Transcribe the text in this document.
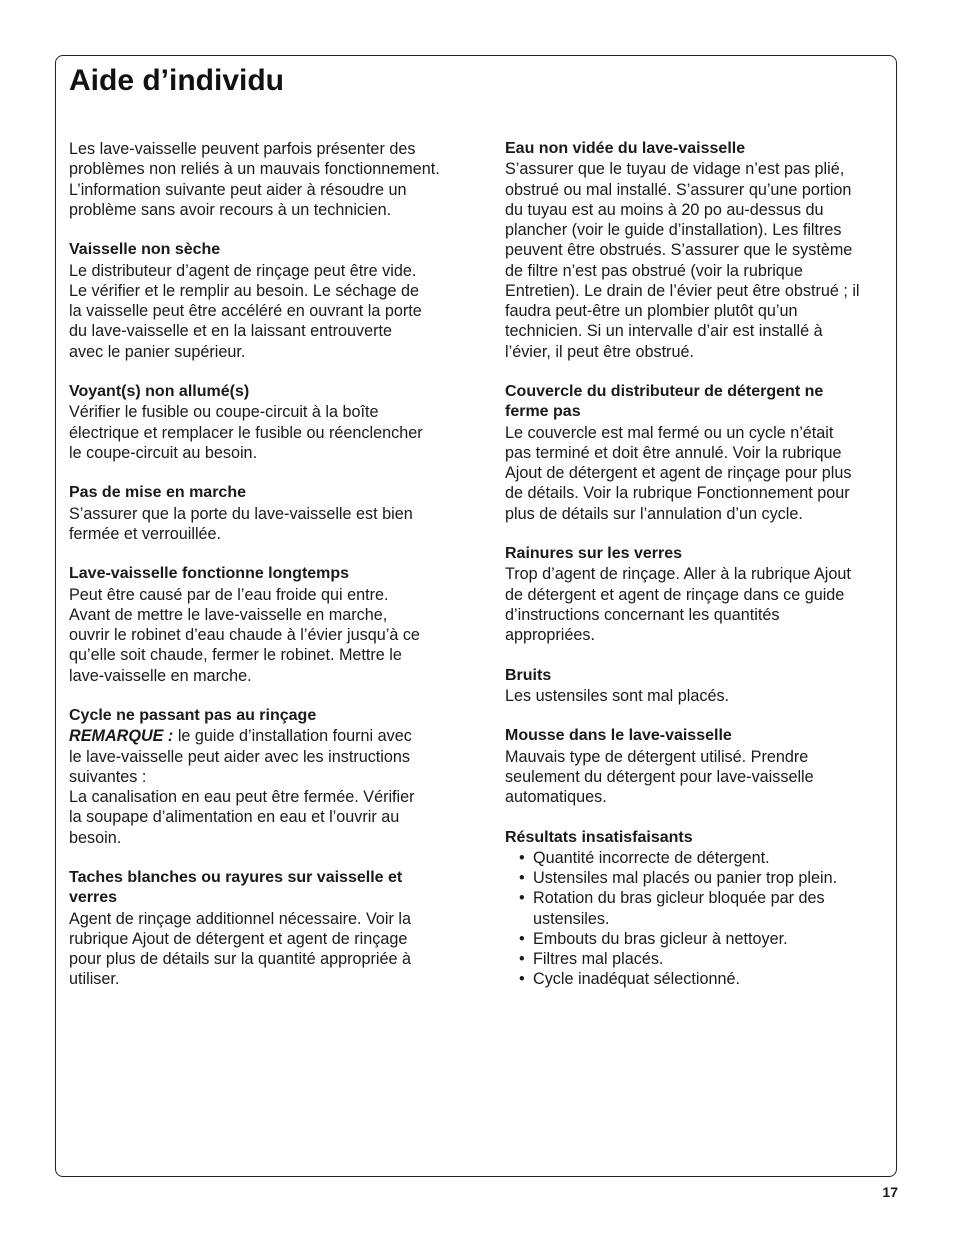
Aide d’individu

Les lave-vaisselle peuvent parfois présenter des problèmes non reliés à un mauvais fonctionnement. L’information suivante peut aider à résoudre un problème sans avoir recours à un technicien.

Vaisselle non sèche

Le distributeur d’agent de rinçage peut être vide.
Le vérifier et le remplir au besoin. Le séchage de
la vaisselle peut être accéléré en ouvrant la porte
du lave-vaisselle et en la laissant entrouverte
avec le panier supérieur.

Voyant(s) non allumé(s)

Vérifier le fusible ou coupe-circuit à la boîte
électrique et remplacer le fusible ou réenclencher
le coupe-circuit au besoin.

Pas de mise en marche

S’assurer que la porte du lave-vaisselle est bien
fermée et verrouillée.

Lave-vaisselle fonctionne longtemps

Peut être causé par de l’eau froide qui entre.
Avant de mettre le lave-vaisselle en marche,
ouvrir le robinet d’eau chaude à l’évier jusqu’à ce
qu’elle soit chaude, fermer le robinet. Mettre le
lave-vaisselle en marche.

Cycle ne passant pas au rinçage

REMARQUE : le guide d’installation fourni avec
le lave-vaisselle peut aider avec les instructions
suivantes :
La canalisation en eau peut être fermée. Vérifier
la soupape d’alimentation en eau et l’ouvrir au
besoin.

Taches blanches ou rayures sur vaisselle et
verres

Agent de rinçage additionnel nécessaire. Voir la
rubrique Ajout de détergent et agent de rinçage
pour plus de détails sur la quantité appropriée à
utiliser.

Eau non vidée du lave-vaisselle

S’assurer que le tuyau de vidage n’est pas plié,
obstrué ou mal installé. S’assurer qu’une portion
du tuyau est au moins à 20 po au-dessus du
plancher (voir le guide d’installation). Les filtres
peuvent être obstrués. S’assurer que le système
de filtre n’est pas obstrué (voir la rubrique
Entretien). Le drain de l’évier peut être obstrué ; il
faudra peut-être un plombier plutôt qu’un
technicien. Si un intervalle d’air est installé à
l’évier, il peut être obstrué.

Couvercle du distributeur de détergent ne
ferme pas

Le couvercle est mal fermé ou un cycle n’était
pas terminé et doit être annulé. Voir la rubrique
Ajout de détergent et agent de rinçage pour plus
de détails. Voir la rubrique Fonctionnement pour
plus de détails sur l’annulation d’un cycle.

Rainures sur les verres

Trop d’agent de rinçage. Aller à la rubrique Ajout
de détergent et agent de rinçage dans ce guide
d’instructions concernant les quantités
appropriées.

Bruits

Les ustensiles sont mal placés.

Mousse dans le lave-vaisselle

Mauvais type de détergent utilisé. Prendre
seulement du détergent pour lave-vaisselle
automatiques.

Résultats insatisfaisants
• Quantité incorrecte de détergent.
• Ustensiles mal placés ou panier trop plein.
• Rotation du bras gicleur bloquée par des
ustensiles.
• Embouts du bras gicleur à nettoyer.
• Filtres mal placés.
• Cycle inadéquat sélectionné.
17
